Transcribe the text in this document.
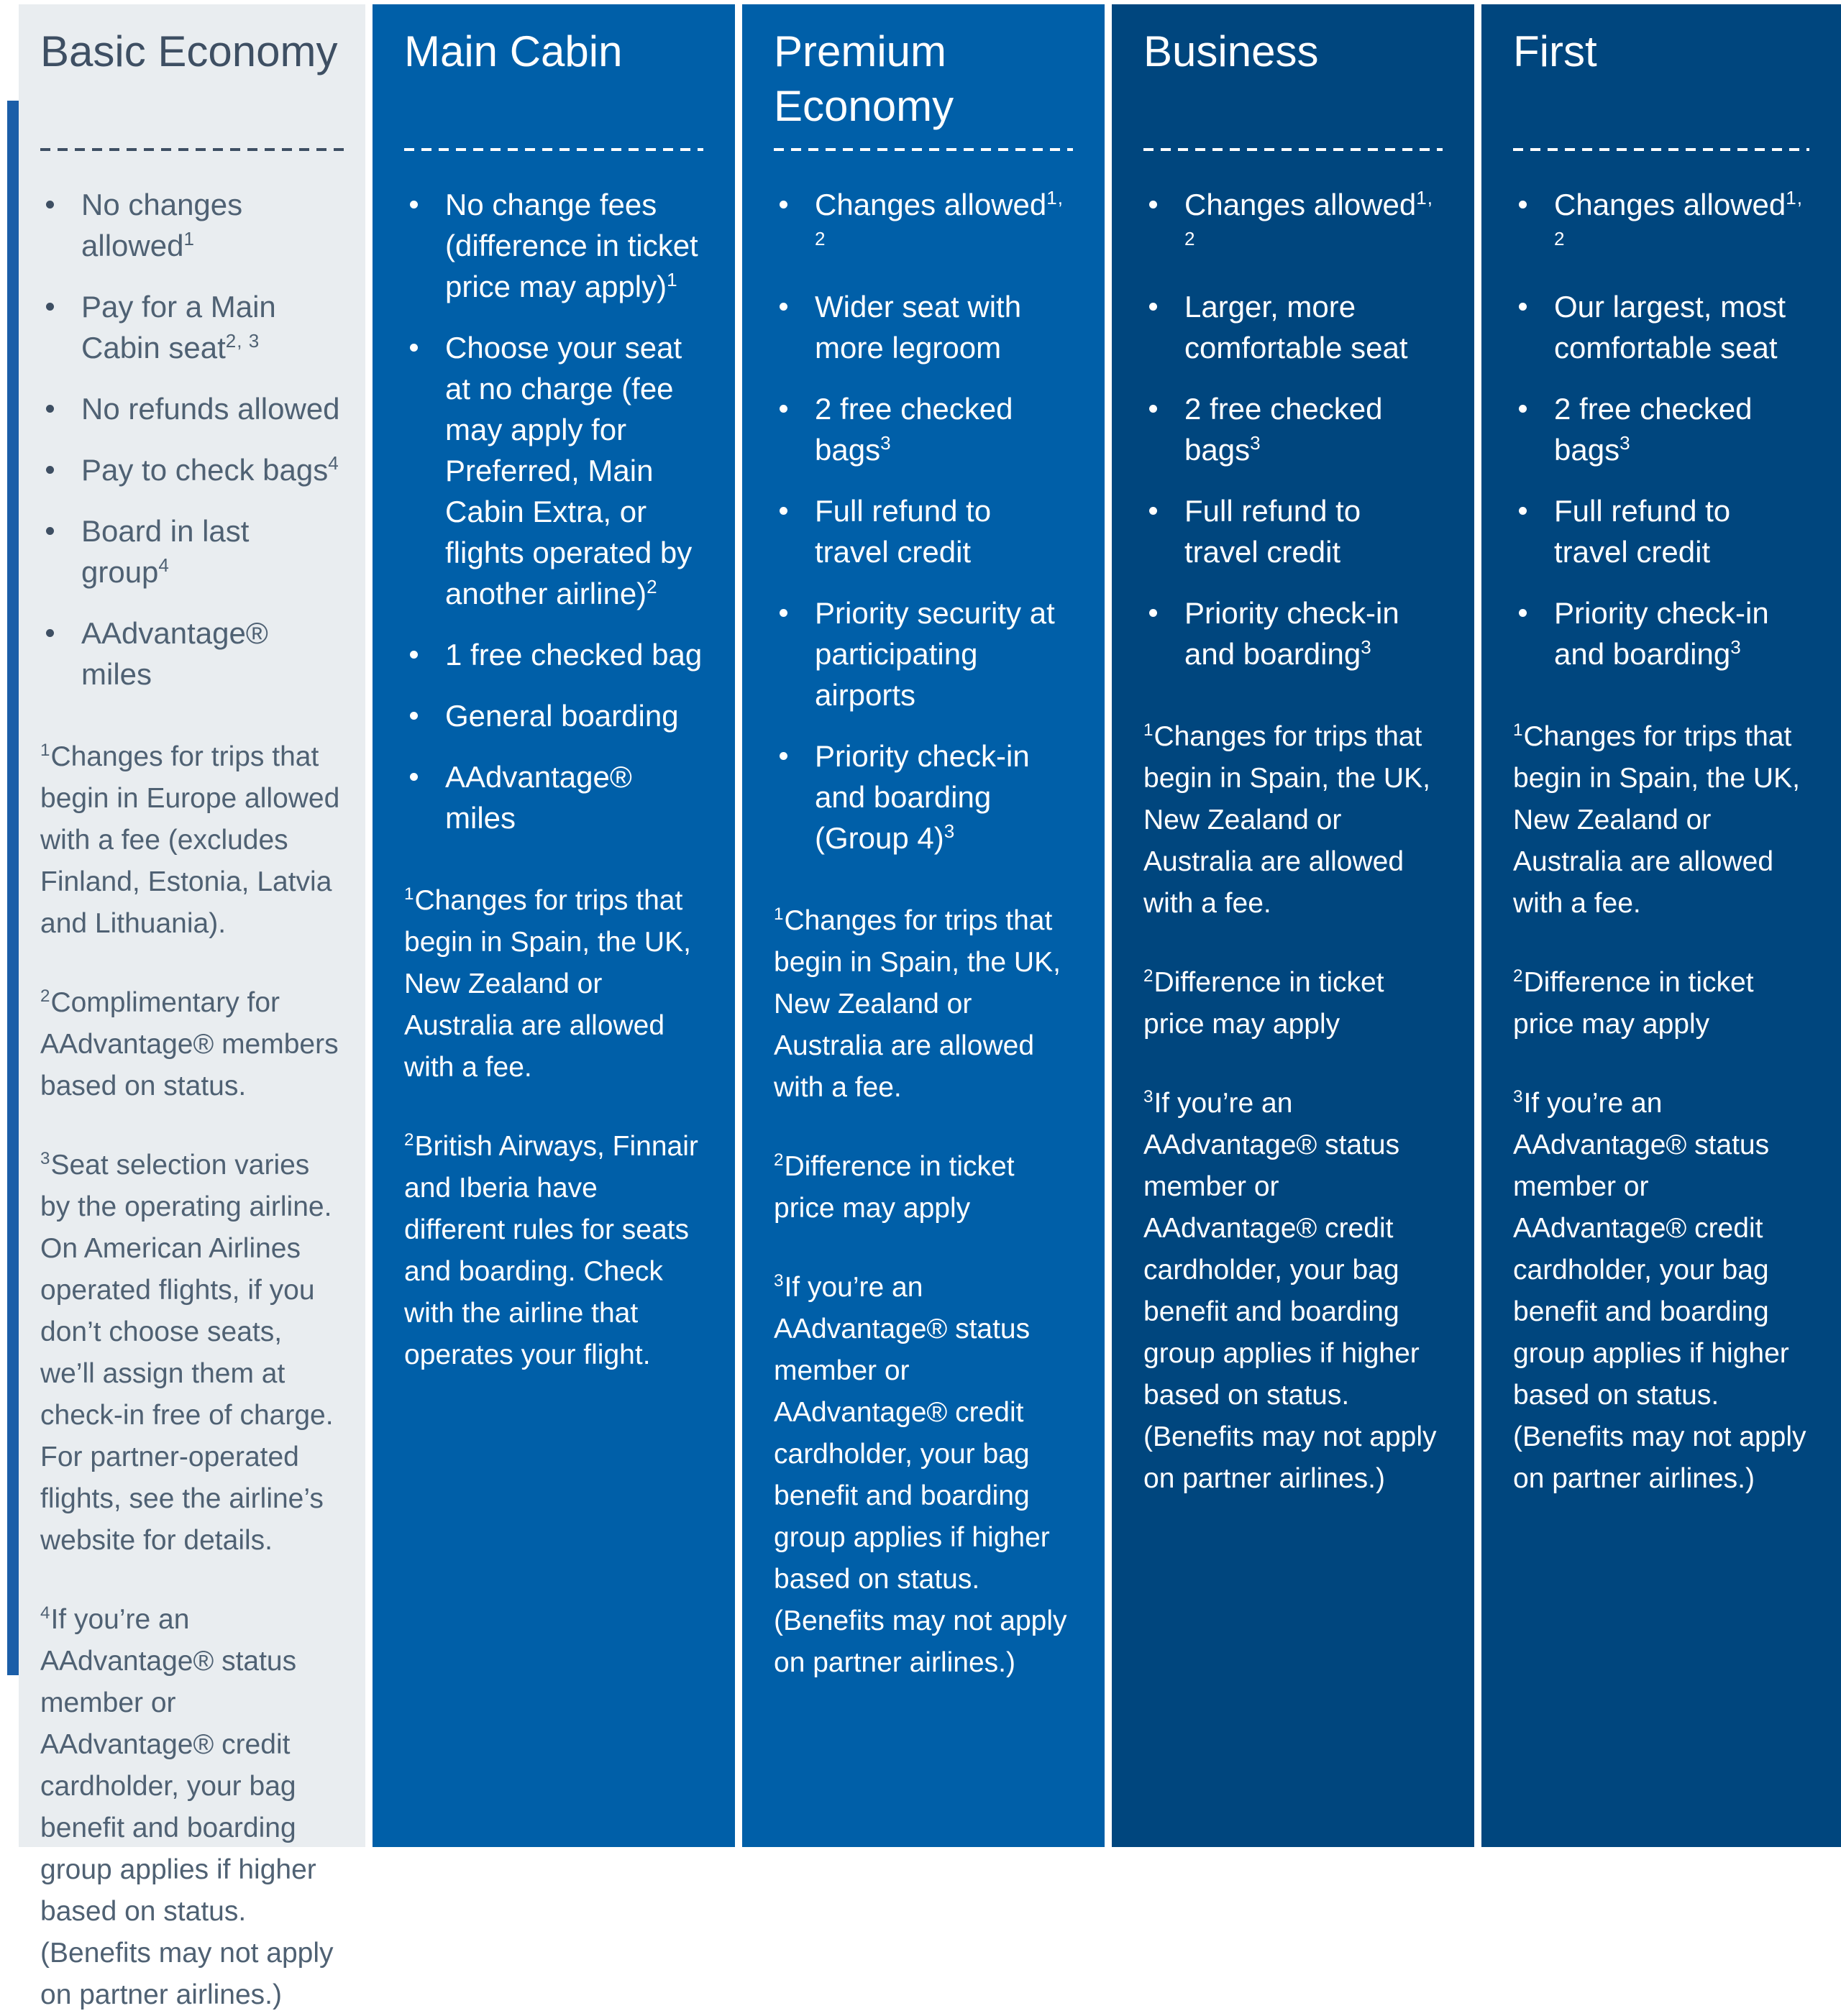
Basic Economy
No changes allowed$^1$
Pay for a Main Cabin seat$^{2, 3}$
No refunds allowed
Pay to check bags$^4$
Board in last group$^4$
AAdvantage® miles

$^1$Changes for trips that begin in Europe allowed with a fee (excludes Finland, Estonia, Latvia and Lithuania).

$^2$Complimentary for AAdvantage® members based on status.

$^3$Seat selection varies by the operating airline. On American Airlines operated flights, if you don’t choose seats, we’ll assign them at check-in free of charge. For partner-operated flights, see the airline’s website for details.

$^4$If you’re an AAdvantage® status member or AAdvantage® credit cardholder, your bag benefit and boarding group applies if higher based on status. (Benefits may not apply on partner airlines.)

Main Cabin
No change fees (difference in ticket price may apply)$^1$
Choose your seat at no charge (fee may apply for Preferred, Main Cabin Extra, or flights operated by another airline)$^2$
1 free checked bag
General boarding
AAdvantage® miles

$^1$Changes for trips that begin in Spain, the UK, New Zealand or Australia are allowed with a fee.

$^2$British Airways, Finnair and Iberia have different rules for seats and boarding. Check with the airline that operates your flight.

Premium Economy
Changes allowed$^{1, 2}$
Wider seat with more legroom
2 free checked bags$^3$
Full refund to travel credit
Priority security at participating airports
Priority check-in and boarding (Group 4)$^3$

$^1$Changes for trips that begin in Spain, the UK, New Zealand or Australia are allowed with a fee.

$^2$Difference in ticket price may apply

$^3$If you’re an AAdvantage® status member or AAdvantage® credit cardholder, your bag benefit and boarding group applies if higher based on status. (Benefits may not apply on partner airlines.)

Business
Changes allowed$^{1, 2}$
Larger, more comfortable seat
2 free checked bags$^3$
Full refund to travel credit
Priority check-in and boarding$^3$

$^1$Changes for trips that begin in Spain, the UK, New Zealand or Australia are allowed with a fee.

$^2$Difference in ticket price may apply

$^3$If you’re an AAdvantage® status member or AAdvantage® credit cardholder, your bag benefit and boarding group applies if higher based on status. (Benefits may not apply on partner airlines.)

First
Changes allowed$^{1, 2}$
Our largest, most comfortable seat
2 free checked bags$^3$
Full refund to travel credit
Priority check-in and boarding$^3$

$^1$Changes for trips that begin in Spain, the UK, New Zealand or Australia are allowed with a fee.

$^2$Difference in ticket price may apply

$^3$If you’re an AAdvantage® status member or AAdvantage® credit cardholder, your bag benefit and boarding group applies if higher based on status. (Benefits may not apply on partner airlines.)
